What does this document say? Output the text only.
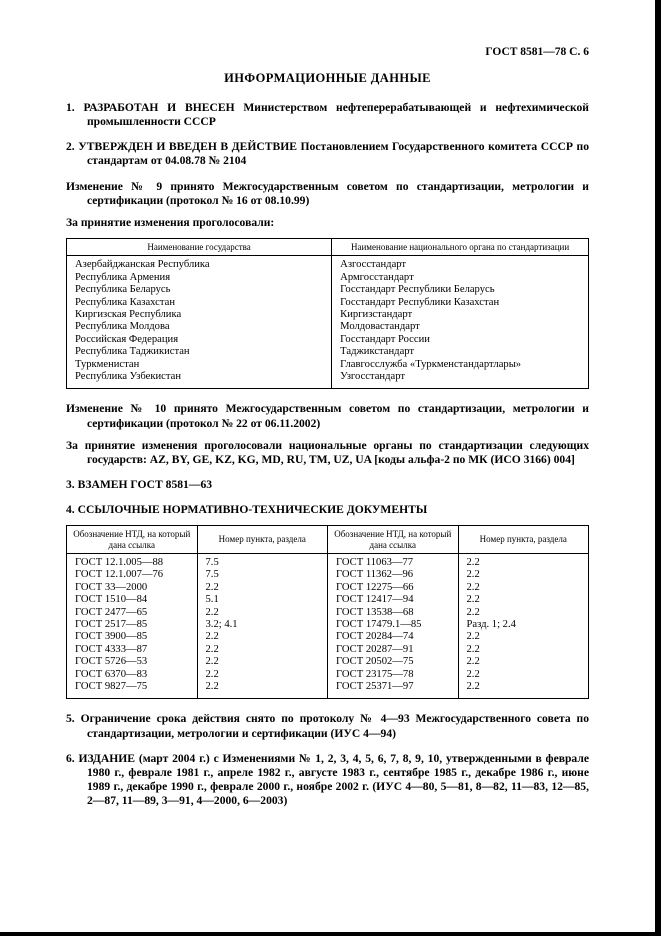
ГОСТ 8581—78 С. 6
ИНФОРМАЦИОННЫЕ ДАННЫЕ

1. РАЗРАБОТАН И ВНЕСЕН Министерством нефтеперерабатывающей и нефтехимической промышленности СССР

2. УТВЕРЖДЕН И ВВЕДЕН В ДЕЙСТВИЕ Постановлением Государственного комитета СССР по стандартам от 04.08.78 № 2104

Изменение № 9 принято Межгосударственным советом по стандартизации, метрологии и сертификации (протокол № 16 от 08.10.99)

За принятие изменения проголосовали:

Наименование государства	Наименование национального органа по стандартизации
Азербайджанская Республика	Азгосстандарт
Республика Армения	Армгосстандарт
Республика Беларусь	Госстандарт Республики Беларусь
Республика Казахстан	Госстандарт Республики Казахстан
Киргизская Республика	Киргизстандарт
Республика Молдова	Молдовастандарт
Российская Федерация	Госстандарт России
Республика Таджикистан	Таджикстандарт
Туркменистан	Главгосслужба «Туркменстандартлары»
Республика Узбекистан	Узгосстандарт

Изменение № 10 принято Межгосударственным советом по стандартизации, метрологии и сертификации (протокол № 22 от 06.11.2002)

За принятие изменения проголосовали национальные органы по стандартизации следующих государств: AZ, BY, GE, KZ, KG, MD, RU, TM, UZ, UA [коды альфа-2 по МК (ИСО 3166) 004]

3. ВЗАМЕН ГОСТ 8581—63

4. ССЫЛОЧНЫЕ НОРМАТИВНО-ТЕХНИЧЕСКИЕ ДОКУМЕНТЫ

Обозначение НТД, на который дана ссылка	Номер пункта, раздела	Обозначение НТД, на который дана ссылка	Номер пункта, раздела
ГОСТ 12.1.005—88	7.5	ГОСТ 11063—77	2.2
ГОСТ 12.1.007—76	7.5	ГОСТ 11362—96	2.2
ГОСТ 33—2000	2.2	ГОСТ 12275—66	2.2
ГОСТ 1510—84	5.1	ГОСТ 12417—94	2.2
ГОСТ 2477—65	2.2	ГОСТ 13538—68	2.2
ГОСТ 2517—85	3.2; 4.1	ГОСТ 17479.1—85	Разд. 1; 2.4
ГОСТ 3900—85	2.2	ГОСТ 20284—74	2.2
ГОСТ 4333—87	2.2	ГОСТ 20287—91	2.2
ГОСТ 5726—53	2.2	ГОСТ 20502—75	2.2
ГОСТ 6370—83	2.2	ГОСТ 23175—78	2.2
ГОСТ 9827—75	2.2	ГОСТ 25371—97	2.2

5. Ограничение срока действия снято по протоколу № 4—93 Межгосударственного совета по стандартизации, метрологии и сертификации (ИУС 4—94)

6. ИЗДАНИЕ (март 2004 г.) с Изменениями № 1, 2, 3, 4, 5, 6, 7, 8, 9, 10, утвержденными в феврале 1980 г., феврале 1981 г., апреле 1982 г., августе 1983 г., сентябре 1985 г., декабре 1986 г., июне 1989 г., декабре 1990 г., феврале 2000 г., ноябре 2002 г. (ИУС 4—80, 5—81, 8—82, 11—83, 12—85, 2—87, 11—89, 3—91, 4—2000, 6—2003)
